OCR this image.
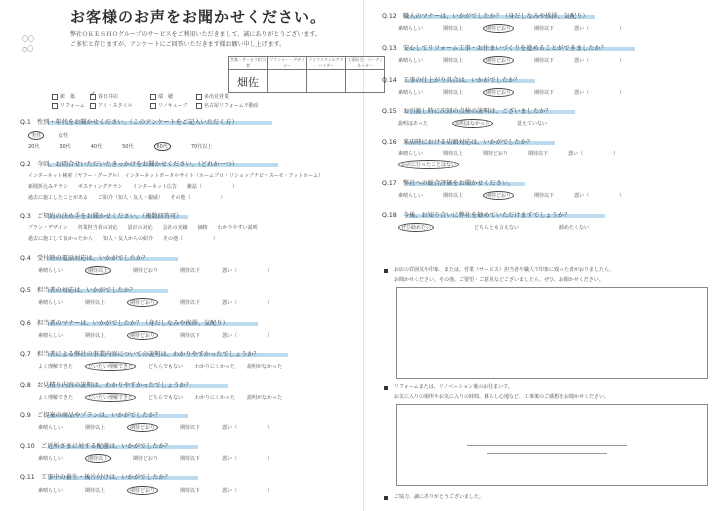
お客様のお声をお聞かせください。
弊社ＯＫＥＳＨＯグループのサービスをご利用いただきまして、誠にありがとうございます。
ご多忙と存じますが、アンケートにご回答いただきます様お願い申し上げます。
〇〇
○〇
営業・サービス担当者	プランナー・デザイナー	ライフスタイルアドバイザー	工事担当・コーディネーター

畑佐			

新　築 ✓ 春日井店	瑞　穂	多治見営業
リフォーム	アイ・スタイル	リノキューブ	名古屋リフォーム不動産
Q.1　 性別・年代をお聞かせください。（このアンケートをご記入いただく方）
男性	女性
20代	30代	40代	50代	60代	70代以上
Q.2　 今回、お問合せいただいたきっかけをお聞かせください。（どれか一つ）
インターネット検索（ヤフー・グーグル）　インターネットポータルサイト（ホームプロ・リショップナビ・スーモ・アットホーム）
新聞折込みチラシ　　ポスティングチラシ　　インターネット広告　　雑誌（　　　　　　）
過去に施工したことがある　　ご紹介（知人・友人・親戚）　　その他（　　　　　　）
Q.3　 ご契約の決め手をお聞かせください。（複数回答可）
プラン・デザイン　　営業担当者の対応　　設計の対応　　会社の実績　　価格　　わかりやすい説明
過去に施工して良かったから　　知人・友人からの紹介　　その他（　　　　　　）
Q.4　 受付時の電話対応は、いかがでしたか？
素晴らしい	期待以上	期待どおり	期待以下	悪い（　　　　　　）
Q.5　 担当者の対応は、いかがでしたか？
素晴らしい	期待以上	期待どおり	期待以下	悪い（　　　　　　）
Q.6　 担当者のマナーは、いかがでしたか？（身だしなみや挨拶、気配り）
素晴らしい	期待以上	期待どおり	期待以下	悪い（　　　　　　）
Q.7　 担当者による弊社の事業内容についての説明は、わかりやすかったでしょうか？
よく理解できた	だいたい理解できた	どちらでもない わかりにくかった 説明がなかった
Q.8　 お見積り内容の説明は、わかりやすかったでしょうか？
よく理解できた	だいたい理解できた	どちらでもない わかりにくかった 説明がなかった
Q.9　 ご提案の商品やプランは、いかがでしたか？
素晴らしい	期待以上	期待どおり	期待以下	悪い（　　　　　　）
Q.10　 ご近所さまに対する配慮は、いかがでしたか？
素晴らしい	期待以上	期待どおり	期待以下	悪い（　　　　　　）
Q.11　 工事中の養生・後片付けは、いかがでしたか？
素晴らしい	期待以上	期待どおり	期待以下	悪い（　　　　　　）
Q.12　 職人のマナーは、いかがでしたか？（身だしなみや挨拶、気配り）
素晴らしい	期待以上	期待どおり	期待以下	悪い（　　　　　　）
Q.13　 安心してリフォーム工事・お住まいづくりを進めることができましたか？
素晴らしい	期待以上	期待どおり	期待以下	悪い（　　　　　　）
Q.14　 工事の仕上がり具合は、いかがでしたか？
素晴らしい	期待以上	期待どおり	期待以下	悪い（　　　　　　）
Q.15　 お引渡し時に次回の点検の説明は、ございましたか？
説明はあった	説明はなかった	覚えていない
Q.16　 来店時における店頭対応は、いかがでしたか？
素晴らしい	期待以上	期待どおり	期待以下	悪い（　　　　　　）
お店に行ったことはない
Q.17　 弊社への総合評価をお聞かせください。
素晴らしい	期待以上	期待どおり	期待以下	悪い（　　　　　　）
Q.18　 今後、お知り合いに弊社を勧めていただけますでしょうか？
ぜひ勧めたい	どちらとも言えない	勧めたくない
お店の雰囲気や印象、または、営業（サービス）担当者や職人で印象に残った者がおりましたら、
お聞かせください。その他、ご要望・ご意見などございましたら、ぜひ、お聞かせください。
リフォームまたは、リノベーション後のお住まいで、
お気に入りの場所やお気に入りの時間、暮らし心地など、工事後のご感想をお聞かせください。
ご協力、誠にありがとうございました。
